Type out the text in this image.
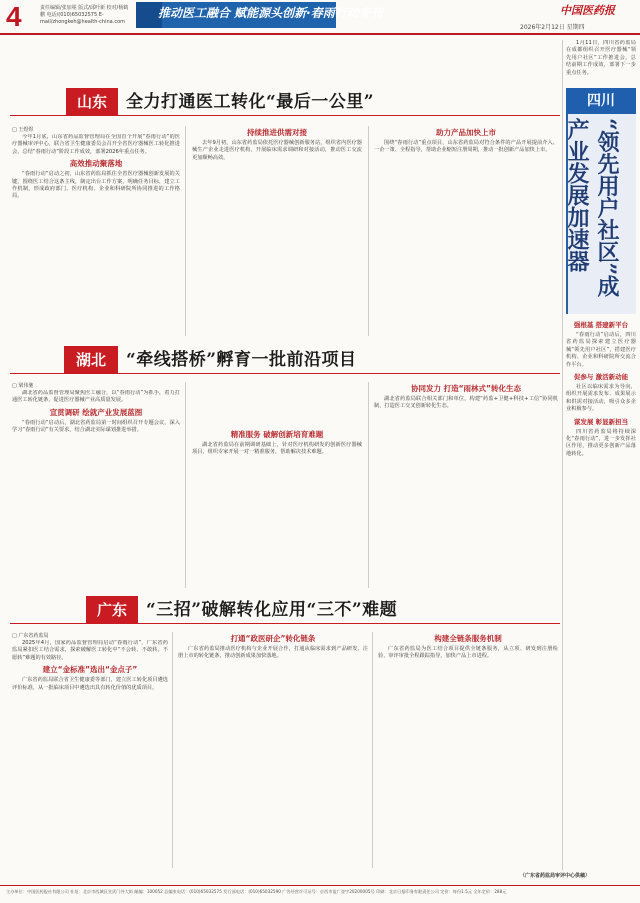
4	责任编辑/张加冕 版式/邱叶新 校对/杨鹤鹏 电话/(010)65032575 E-mail/zhongkeh@health-china.com
推动医工融合 赋能源头创新·春雨行动专刊	中国医药报
2026年2月12日 星期四
山东	全力打通医工转化“最后一公里”
□ 王煜煜

今年1月底，山东省药品监督管理局在全国首个开展“春雨行动”的医疗器械审评中心，联合省卫生健康委员会召开全省医疗器械医工转化推进会，总结“春雨行动”阶段工作成效，部署2026年重点任务。

高效推动聚落地

“春雨行动”启动之初，山东省药监局抓住全省医疗器械创新发展的关键，围绕医工结合这条主线，制定出台工作方案，明确任务目标，建立工作机制，形成政府部门、医疗机构、企业和科研院所协同推进的工作格局。

持续推进供需对接

去年9月初，山东省药监局依托医疗器械创新服务站，组织省内医疗器械生产企业走进医疗机构，开展临床需求调研和对接活动，推动医工交流更加顺畅高效。

助力产品加快上市

围绕“春雨行动”重点项目，山东省药监局对符合条件的产品开展提前介入、一企一策、全程指导，帮助企业缩短注册周期，推动一批创新产品加快上市。

四川
“领先用户社区”成产业发展加速器

1月11日，四川省药监局在成都组织召开医疗器械“领先用户社区”工作推进会，总结前期工作成效，部署下一步重点任务。

强根基 搭建新平台

“春雨行动”启动后，四川省药监局探索建立医疗器械“领先用户社区”，搭建医疗机构、企业和科研院所交流合作平台。

促参与 激活新动能

社区以临床需求为导向，组织开展需求发布、成果展示和供需对接活动，吸引众多企业积极参与。

谋发展 彰显新担当

四川省药监局将持续深化“春雨行动”，进一步发挥社区作用，推动更多创新产品落地转化。

湖北	“牵线搭桥”孵育一批前沿项目
□ 梁伟驰

湖北省药品监督管理局聚焦医工融合，以“春雨行动”为抓手，着力打通医工转化链条，促进医疗器械产业高质量发展。

宣贯调研 绘就产业发展蓝图

“春雨行动”启动后，湖北省药监局第一时间组织召开专题会议，深入学习“春雨行动”有关要求，结合湖北实际谋划推进举措。	精准服务 破解创新培育难题

湖北省药监局在前期调研基础上，针对医疗机构研发的创新医疗器械项目，组织专家开展一对一精准服务，帮助解决技术难题。

协同发力 打造“雨林式”转化生态

湖北省药监局联合相关部门和单位，构建“药监+卫健+科技+工信”协同机制，打造医工交叉创新转化生态。

广东	“三招”破解转化应用“三不”难题
□ 广东省药监局

2025年4月，国家药品监督管理局启动“春雨行动”，广东省药监局紧扣医工结合需求，探索破解医工转化中“不会转、不敢转、不愿转”难题的有效路径。

建立“金标准”选出“金点子”

广东省药监局联合省卫生健康委等部门，建立医工转化项目遴选评价标准，从一批临床项目中遴选出具有转化价值的优质项目。

打通“政医研企”转化链条

广东省药监局推动医疗机构与企业开展合作，打通从临床需求到产品研发、注册上市的转化链条，推动创新成果加快落地。

构建全链条服务机制

广东省药监局为医工结合项目提供全链条服务，从立项、研发到注册检验、审评审批全程跟踪指导，加快产品上市进程。

（广东省药监局审评中心供稿）
主办单位：中国医药报社有限公司 社址：北京市西城区宣武门外大街 邮编：100052 总编室电话：(010)65032575 发行部电话：(010)65032590 广告经营许可证号：京西市监广登字20200005号 印刷：北京日报印务有限责任公司 定价：每份1.5元 全年定价：288元
